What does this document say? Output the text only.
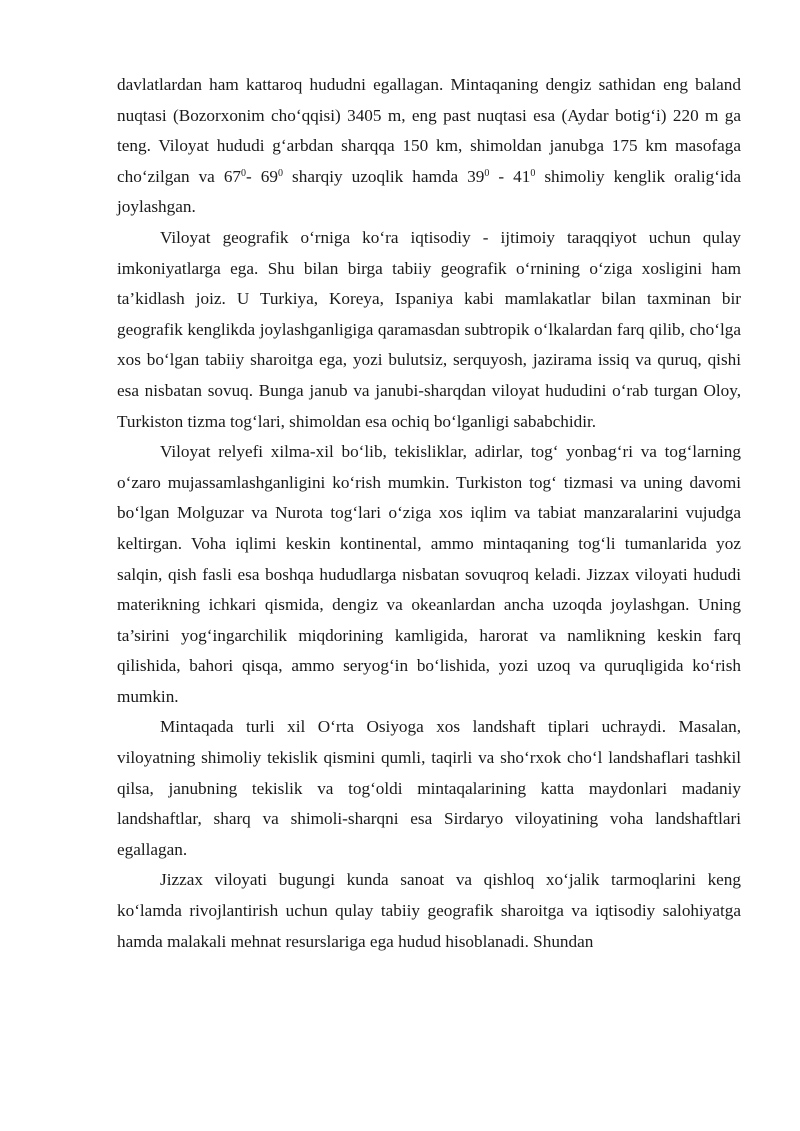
davlatlardan ham kattaroq hududni egallagan. Mintaqaning dengiz sathidan eng baland nuqtasi (Bozorxonim cho‘qqisi) 3405 m, eng past nuqtasi esa (Aydar botig‘i) 220 m ga teng. Viloyat hududi g‘arbdan sharqqa 150 km, shimoldan janubga 175 km masofaga cho‘zilgan va $67^0-$ $69^0$ sharqiy uzoqlik hamda $39^0 - 41^0$ shimoliy kenglik oralig‘ida joylashgan.

Viloyat geografik o‘rniga ko‘ra iqtisodiy - ijtimoiy taraqqiyot uchun qulay imkoniyatlarga ega. Shu bilan birga tabiiy geografik o‘rnining o‘ziga xosligini ham ta’kidlash joiz. U Turkiya, Koreya, Ispaniya kabi mamlakatlar bilan taxminan bir geografik kenglikda joylashganligiga qaramasdan subtropik o‘lkalardan farq qilib, cho‘lga xos bo‘lgan tabiiy sharoitga ega, yozi bulutsiz, serquyosh, jazirama issiq va quruq, qishi esa nisbatan sovuq. Bunga janub va janubi-sharqdan viloyat hududini o‘rab turgan Oloy, Turkiston tizma tog‘lari, shimoldan esa ochiq bo‘lganligi sababchidir.

Viloyat relyefi xilma-xil bo‘lib, tekisliklar, adirlar, tog‘ yonbag‘ri va tog‘larning o‘zaro mujassamlashganligini ko‘rish mumkin. Turkiston tog‘ tizmasi va uning davomi bo‘lgan Molguzar va Nurota tog‘lari o‘ziga xos iqlim va tabiat manzaralarini vujudga keltirgan. Voha iqlimi keskin kontinental, ammo mintaqaning tog‘li tumanlarida yoz salqin, qish fasli esa boshqa hududlarga nisbatan sovuqroq keladi. Jizzax viloyati hududi materikning ichkari qismida, dengiz va okeanlardan ancha uzoqda joylashgan. Uning ta’sirini yog‘ingarchilik miqdorining kamligida, harorat va namlikning keskin farq qilishida, bahori qisqa, ammo seryog‘in bo‘lishida, yozi uzoq va quruqligida ko‘rish mumkin.

Mintaqada turli xil O‘rta Osiyoga xos landshaft tiplari uchraydi. Masalan, viloyatning shimoliy tekislik qismini qumli, taqirli va sho‘rxok cho‘l landshaflari tashkil qilsa, janubning tekislik va tog‘oldi mintaqalarining katta maydonlari madaniy landshaftlar, sharq va shimoli-sharqni esa Sirdaryo viloyatining voha landshaftlari egallagan.

Jizzax viloyati bugungi kunda sanoat va qishloq xo‘jalik tarmoqlarini keng ko‘lamda rivojlantirish uchun qulay tabiiy geografik sharoitga va iqtisodiy salohiyatga hamda malakali mehnat resurslariga ega hudud hisoblanadi. Shundan
